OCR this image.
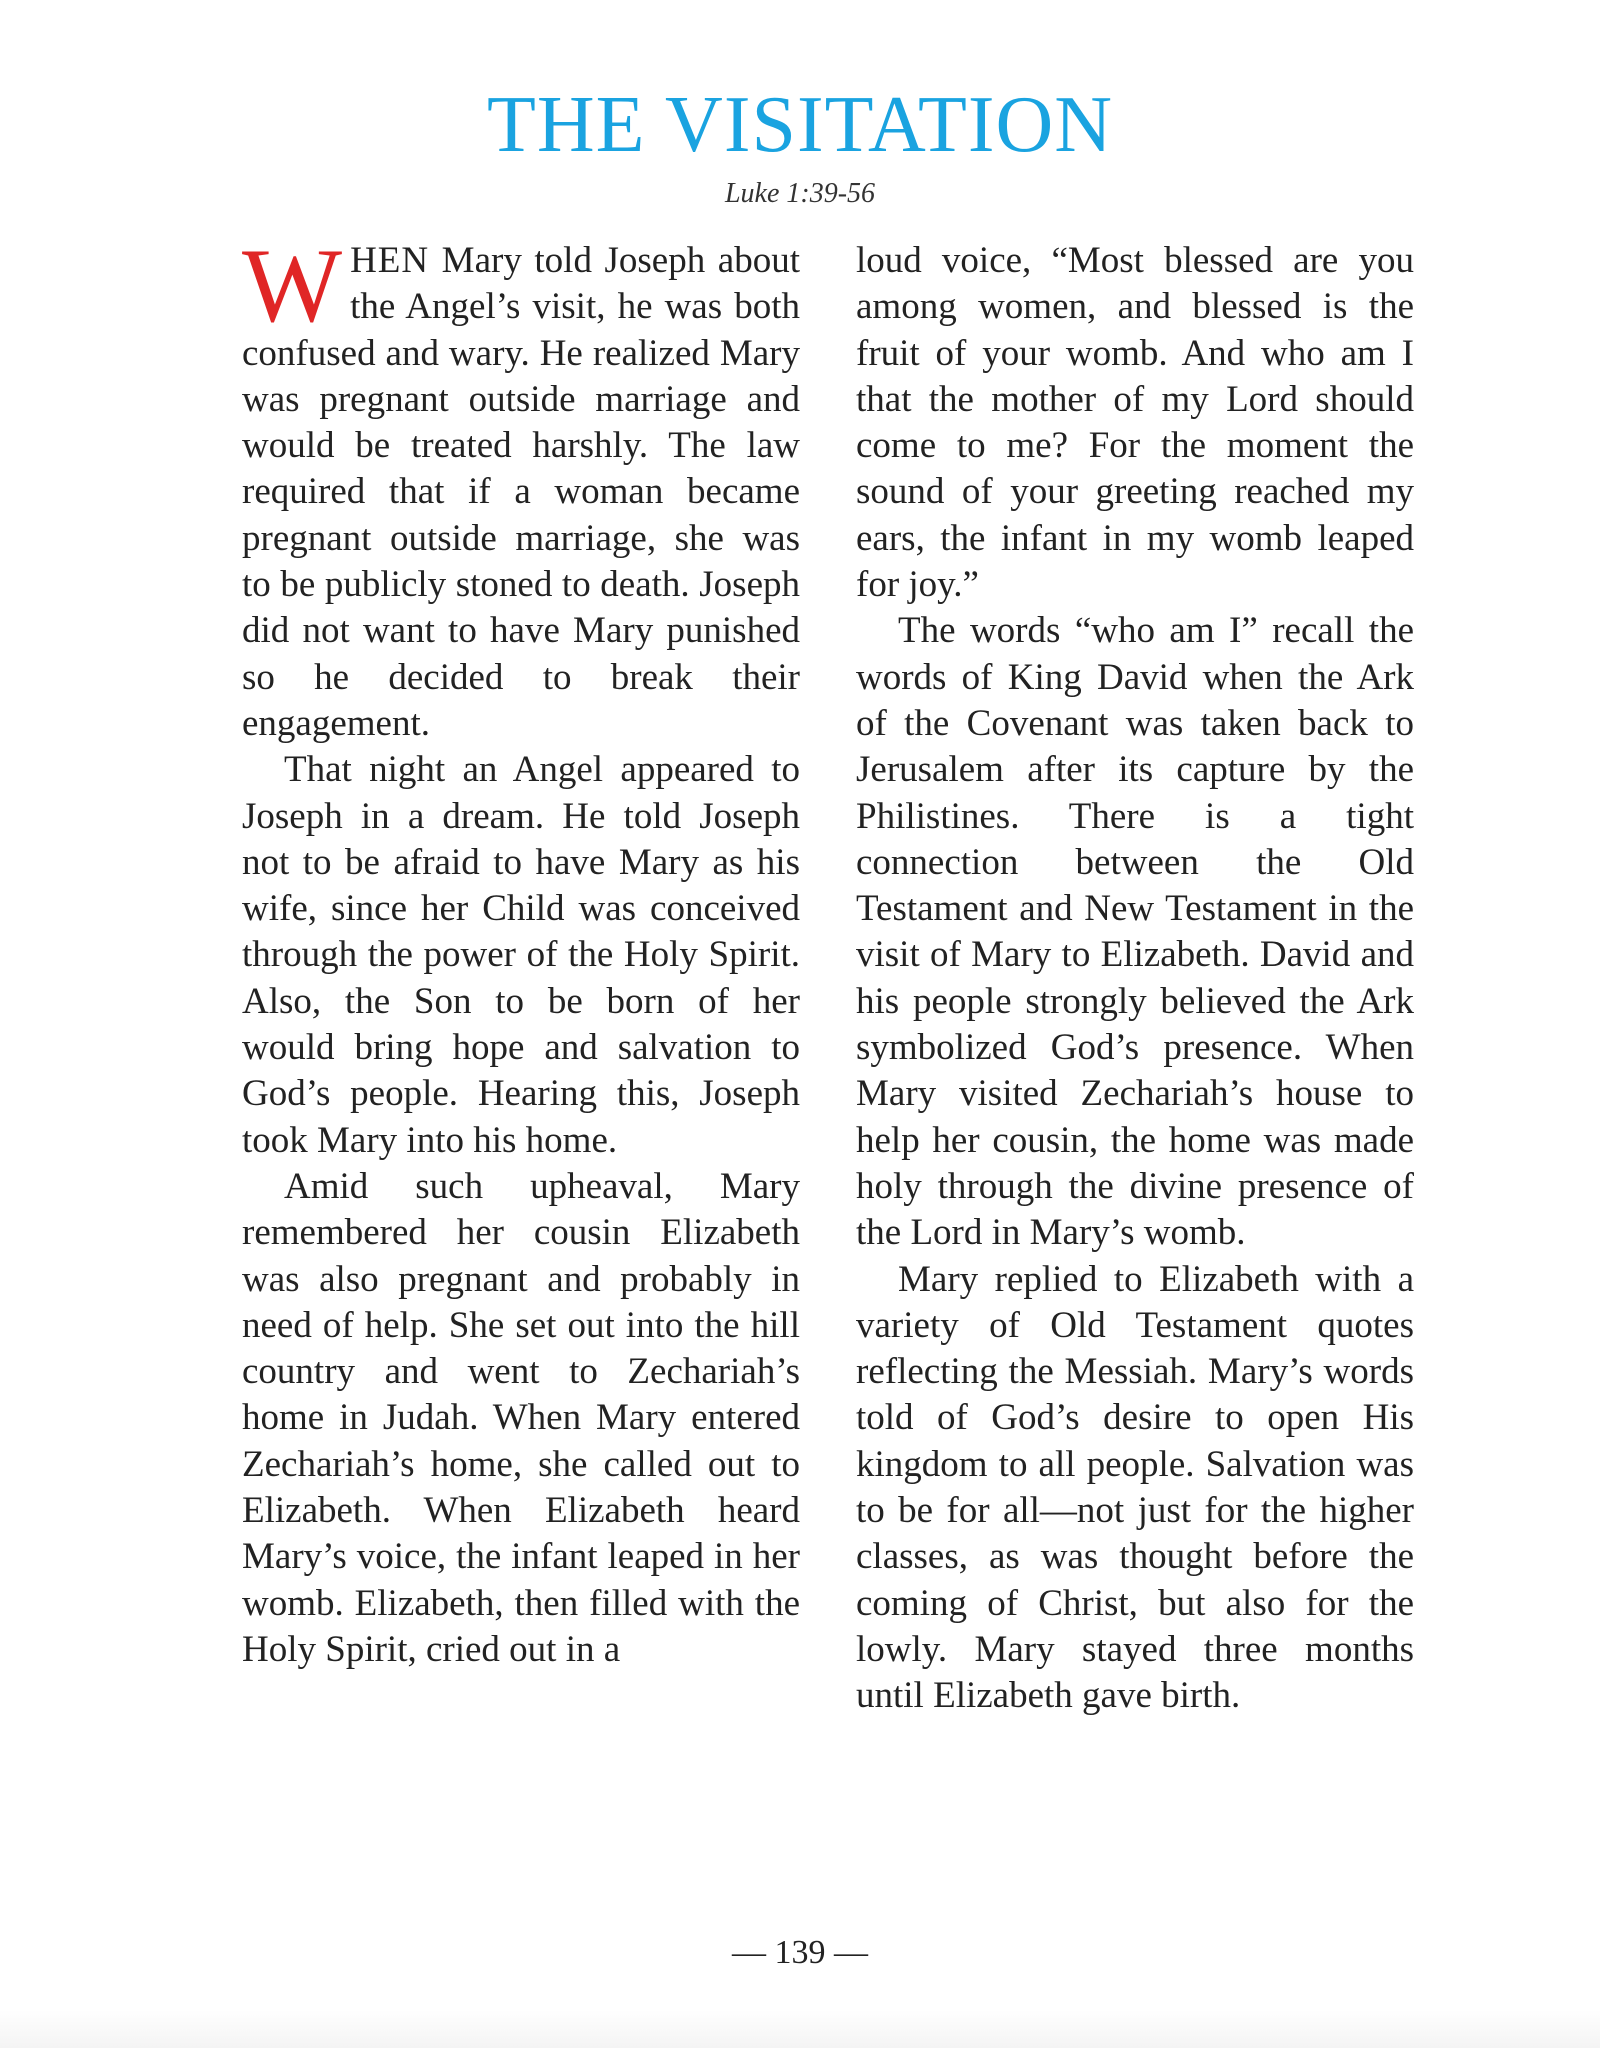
THE VISITATION
Luke 1:39-56

WHEN Mary told Joseph about the Angel’s visit, he was both confused and wary. He realized Mary was pregnant outside marriage and would be treated harshly. The law required that if a woman became pregnant outside marriage, she was to be publicly stoned to death. Joseph did not want to have Mary punished so he decided to break their engagement.

That night an Angel appeared to Joseph in a dream. He told Joseph not to be afraid to have Mary as his wife, since her Child was conceived through the power of the Holy Spirit. Also, the Son to be born of her would bring hope and salvation to God’s people. Hearing this, Joseph took Mary into his home.

Amid such upheaval, Mary remembered her cousin Elizabeth was also pregnant and probably in need of help. She set out into the hill country and went to Zechariah’s home in Judah. When Mary entered Zechariah’s home, she called out to Elizabeth. When Elizabeth heard Mary’s voice, the infant leaped in her womb. Elizabeth, then filled with the Holy Spirit, cried out in a

loud voice, “Most blessed are you among women, and blessed is the fruit of your womb. And who am I that the mother of my Lord should come to me? For the moment the sound of your greeting reached my ears, the infant in my womb leaped for joy.”

The words “who am I” recall the words of King David when the Ark of the Covenant was taken back to Jerusalem after its capture by the Philistines. There is a tight connection between the Old Testament and New Testament in the visit of Mary to Elizabeth. David and his people strongly believed the Ark symbolized God’s presence. When Mary visited Zechariah’s house to help her cousin, the home was made holy through the divine presence of the Lord in Mary’s womb.

Mary replied to Elizabeth with a variety of Old Testament quotes reflecting the Messiah. Mary’s words told of God’s desire to open His kingdom to all people. Salvation was to be for all—not just for the higher classes, as was thought before the coming of Christ, but also for the lowly. Mary stayed three months until Elizabeth gave birth.

— 139 —
